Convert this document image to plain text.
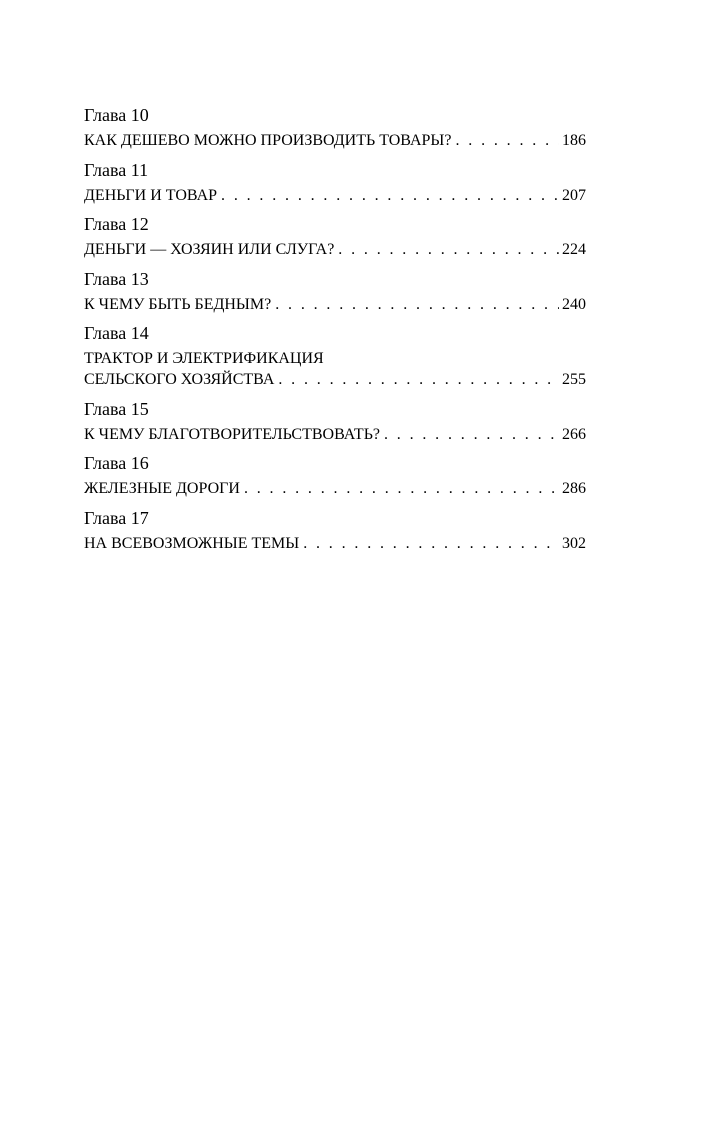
Глава 10
КАК ДЕШЕВО МОЖНО ПРОИЗВОДИТЬ ТОВАРЫ? . . .	186
Глава 11
ДЕНЬГИ И ТОВАР . . .	207
Глава 12
ДЕНЬГИ — ХОЗЯИН ИЛИ СЛУГА? . . .	224
Глава 13
К ЧЕМУ БЫТЬ БЕДНЫМ? . . .	240
Глава 14
ТРАКТОР И ЭЛЕКТРИФИКАЦИЯ
СЕЛЬСКОГО ХОЗЯЙСТВА . . .	255
Глава 15
К ЧЕМУ БЛАГОТВОРИТЕЛЬСТВОВАТЬ? . . .	266
Глава 16
ЖЕЛЕЗНЫЕ ДОРОГИ . . .	286
Глава 17
НА ВСЕВОЗМОЖНЫЕ ТЕМЫ . . .	302
